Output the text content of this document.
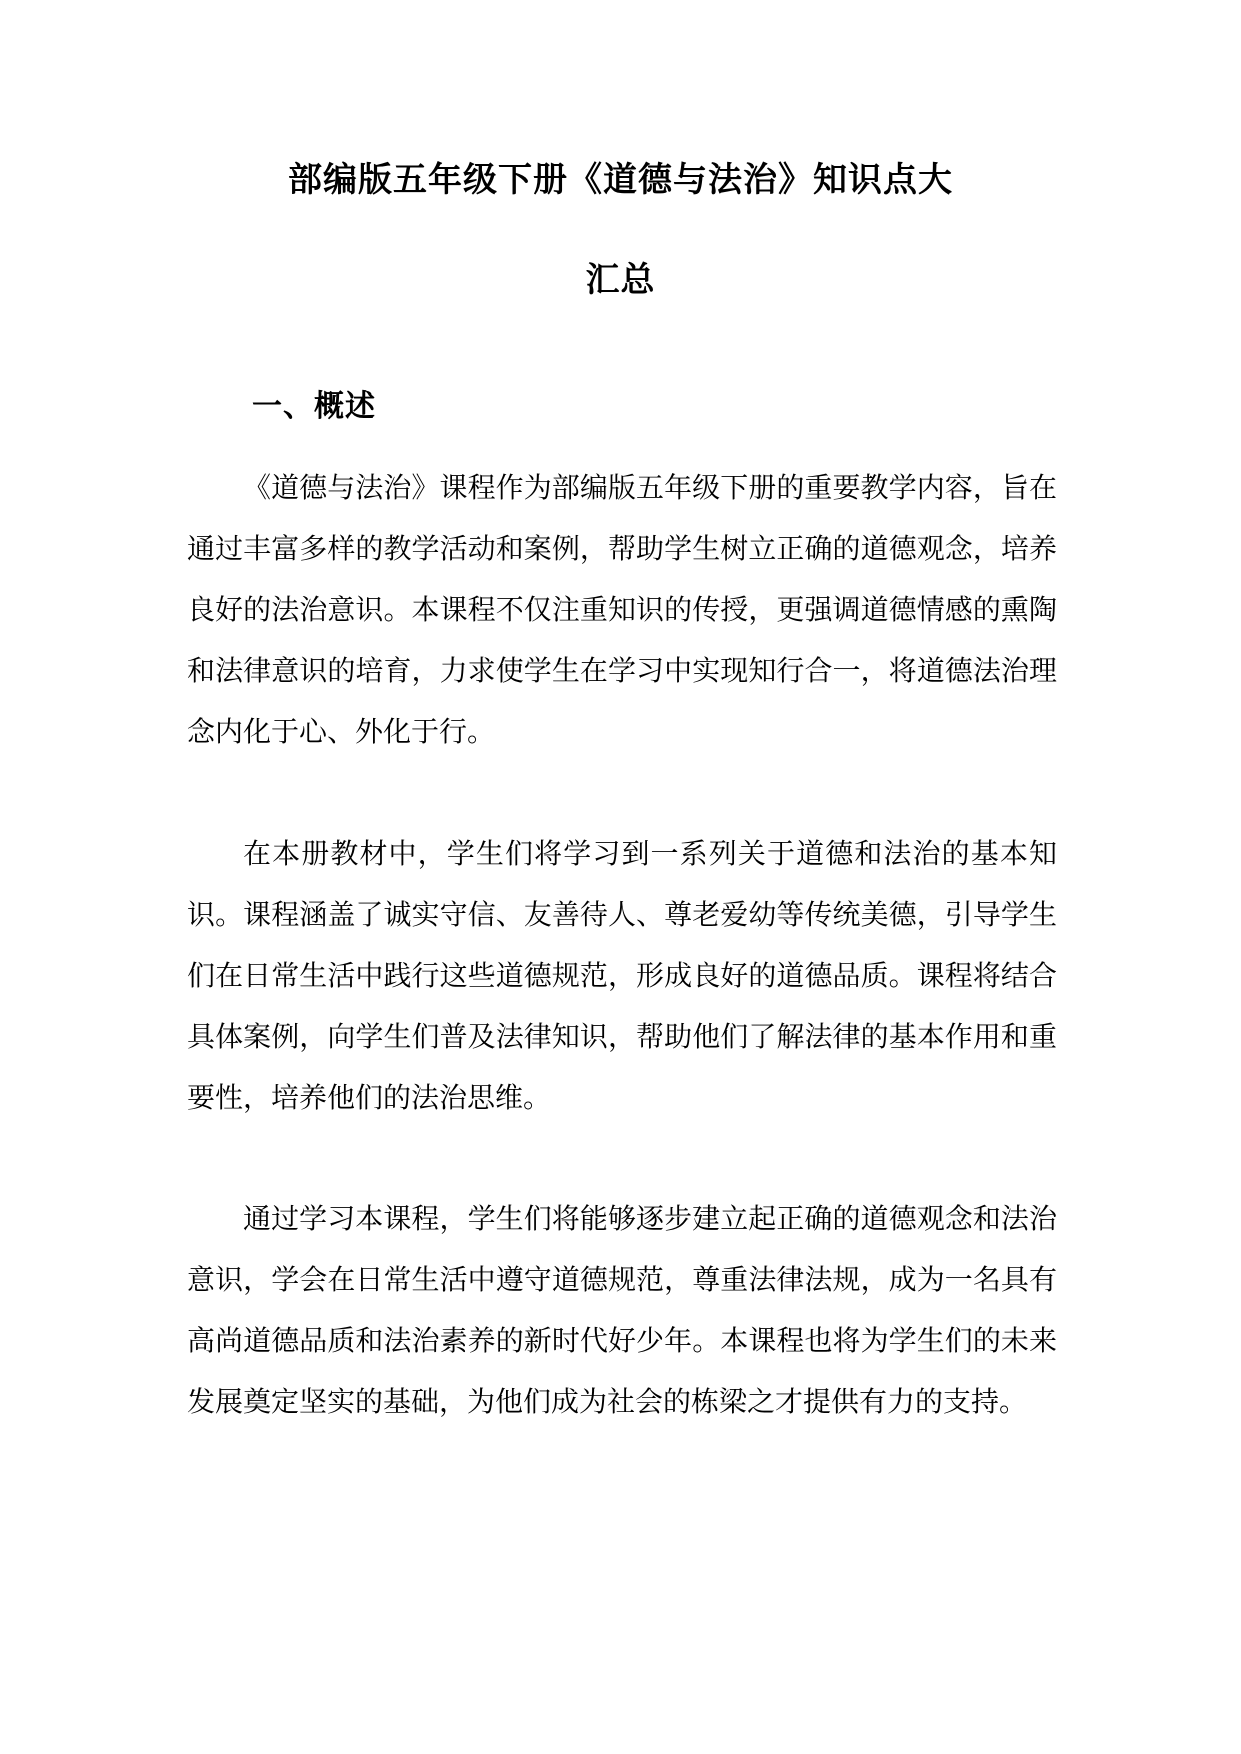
部编版五年级下册《道德与法治》知识点大
汇总
一、概述

《道德与法治》课程作为部编版五年级下册的重要教学内容，旨在通过丰富多样的教学活动和案例，帮助学生树立正确的道德观念，培养良好的法治意识。本课程不仅注重知识的传授，更强调道德情感的熏陶和法律意识的培育，力求使学生在学习中实现知行合一，将道德法治理念内化于心、外化于行。

在本册教材中，学生们将学习到一系列关于道德和法治的基本知识。课程涵盖了诚实守信、友善待人、尊老爱幼等传统美德，引导学生们在日常生活中践行这些道德规范，形成良好的道德品质。课程将结合具体案例，向学生们普及法律知识，帮助他们了解法律的基本作用和重要性，培养他们的法治思维。

通过学习本课程，学生们将能够逐步建立起正确的道德观念和法治意识，学会在日常生活中遵守道德规范，尊重法律法规，成为一名具有高尚道德品质和法治素养的新时代好少年。本课程也将为学生们的未来发展奠定坚实的基础，为他们成为社会的栋梁之才提供有力的支持。
